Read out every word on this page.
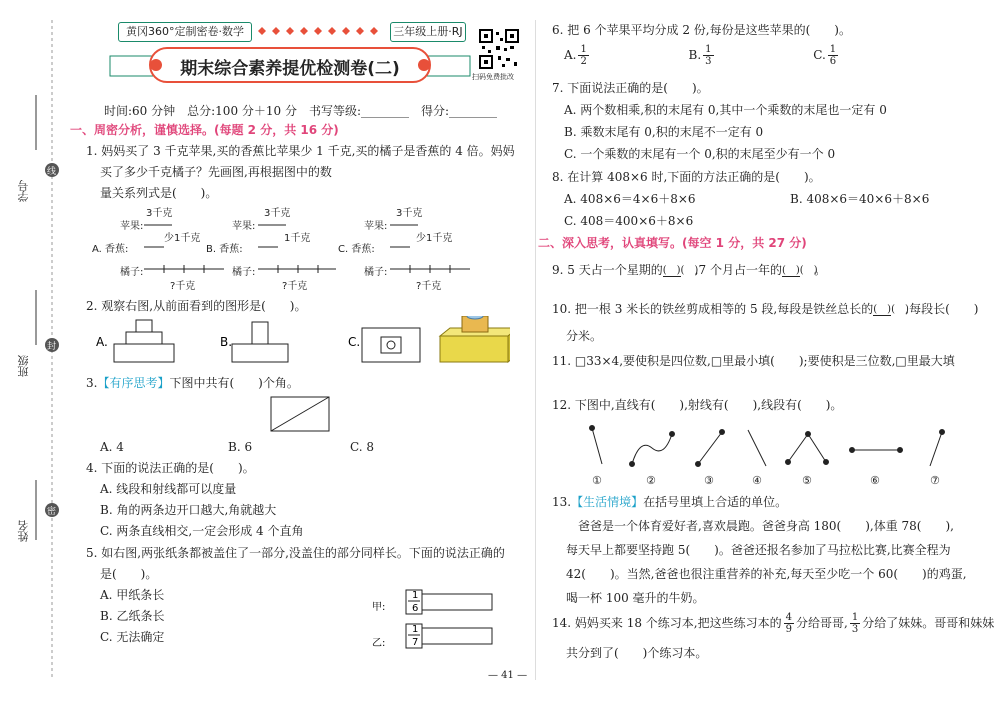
学号
班级
姓名
线
封
密
黄冈360°定制密卷·数学	三年级上册·RJ
期末综合素养提优检测卷(二)	扫码免费批改
时间:60 分钟　总分:100 分＋10 分　书写等级:________　得分:________
一、周密分析，谨慎选择。(每题 2 分，共 16 分)
1. 妈妈买了 3 千克苹果,买的香蕉比苹果少 1 千克,买的橘子是香蕉的 4 倍。妈妈
买了多少千克橘子？先画图,再根据图中的数
量关系列式是(　　)。
苹果:
3千克
A. 香蕉:
少1千克
橘子:
?千克
苹果:
3千克
B. 香蕉:
1千克
橘子:
?千克
苹果:
3千克
C. 香蕉:
少1千克
橘子:
?千克
2. 观察右图,从前面看到的图形是(　　)。
A.	B.	C.
3.【有序思考】下图中共有(　　)个角。
A. 4	B. 6	C. 8
4. 下面的说法正确的是(　　)。
A. 线段和射线都可以度量
B. 角的两条边开口越大,角就越大
C. 两条直线相交,一定会形成 4 个直角
5. 如右图,两张纸条都被盖住了一部分,没盖住的部分同样长。下面的说法正确的
是(　　)。
A. 甲纸条长
B. 乙纸条长
C. 无法确定
甲:
1
6
乙:
1
7
6. 把 6 个苹果平均分成 2 份,每份是这些苹果的(　　)。
A. $\frac{1}{2}$	B. $\frac{1}{3}$	C. $\frac{1}{6}$
7. 下面说法正确的是(　　)。
A. 两个数相乘,积的末尾有 0,其中一个乘数的末尾也一定有 0
B. 乘数末尾有 0,积的末尾不一定有 0
C. 一个乘数的末尾有一个 0,积的末尾至少有一个 0
8. 在计算 408×6 时,下面的方法正确的是(　　)。
A. 408×6＝4×6＋8×6	B. 408×6＝40×6＋8×6
C. 408＝400×6＋8×6
二、深入思考，认真填写。(每空 1 分，共 27 分)
9. 5 天占一个星期的(　)(　),7 个月占一年的(　)(　)。
10. 把一根 3 米长的铁丝剪成相等的 5 段,每段是铁丝总长的(　)(　),每段长(　　)
分米。
11. □33×4,要使积是四位数,□里最小填(　　);要使积是三位数,□里最大填
12. 下图中,直线有(　　),射线有(　　),线段有(　　)。
①	②	③	④	⑤	⑥	⑦
13.【生活情境】在括号里填上合适的单位。
爸爸是一个体育爱好者,喜欢晨跑。爸爸身高 180(　　),体重 78(　　),
每天早上都要坚持跑 5(　　)。爸爸还报名参加了马拉松比赛,比赛全程为
42(　　)。当然,爸爸也很注重营养的补充,每天至少吃一个 60(　　)的鸡蛋,
喝一杯 100 毫升的牛奶。
14. 妈妈买来 18 个练习本,把这些练习本的 $\frac{4}{9}$ 分给哥哥, $\frac{1}{3}$ 分给了妹妹。哥哥和妹妹
共分到了(　　)个练习本。
— 41 —
